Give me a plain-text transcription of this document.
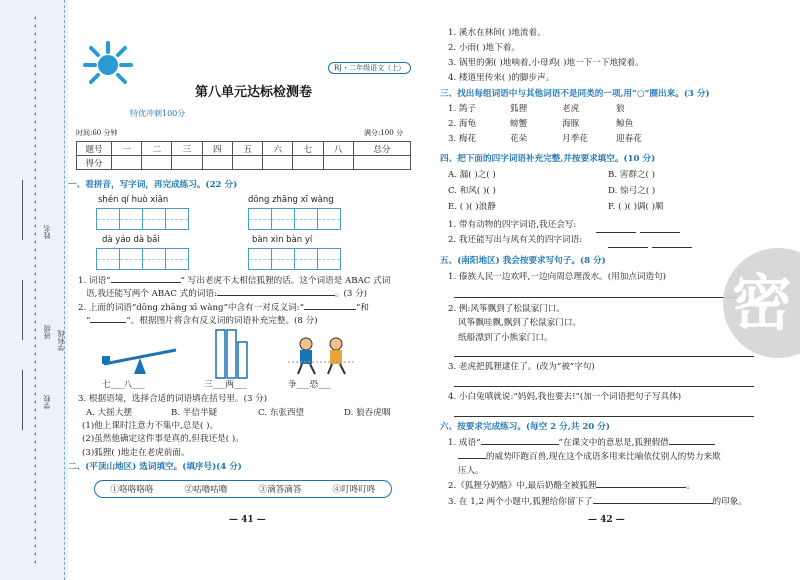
姓名
班级
学校
学科线
第八单元达标检测卷
特优冲刺100分
RJ・二年级语文（上）
时间:60 分钟	满分:100 分
题号	一	二	三	四	五	六	七	八	总分
得分									
一、看拼音，写字词，再完成练习。(22 分)
shén qí huò xiān	dōng zhāng xī wàng
dà yáo dà bǎi	bàn xìn bàn yí
1. 词语“	” 写出老虎不太相信狐狸的话。这个词语是 ABAC 式词
语,我还能写两个 ABAC 式的词语:	。(3 分)
2. 上面的词语“dōng zhāng xī wàng”中含有一对反义词:“	”和
“	”。根据图片将含有反义词的词语补充完整。(8 分)
七___八___	三___两___	争___恐___
3. 根据语境，选择合适的词语填在括号里。(3 分)
A. 大摇大摆	B. 半信半疑	C. 东张西望	D. 狼吞虎咽
(1)他上课时注意力不集中,总是( )。
(2)虽然他确定这件事是真的,但我还是( )。
(3)狐狸( )地走在老虎前面。
二、(平顶山地区) 选词填空。(填序号)(4 分)
①咯咯咯咯	②咕噜咕噜	③滴答滴答	④叮咚叮咚
— 41 —
1. 溪水在林间( )地流着。
2. 小雨( )地下着。
3. 锅里的粥( )地响着,小母鸡( )地一下一下地搅着。
4. 楼道里传来( )的脚步声。
三、找出每组词语中与其他词语不是同类的一项,用“○”圈出来。(3 分)
1. 鸽子	狐狸	老虎	狼
2. 海龟	螃蟹	海豚	鲸鱼
3. 梅花	花朵	月季花	迎春花
四、把下面的四字词语补充完整,并按要求填空。(10 分)
A. 漏( )之( )	B. 害群之( )
C. 和风( )( )	D. 惊弓之( )
E. ( )( )浪静	F. ( )( )调( )顺
1. 带有动物的四字词语,我还会写:
2. 我还能写出与风有关的四字词语:
五、(南阳地区) 我会按要求写句子。(8 分)
1. 傣族人民一边欢呼,一边向周总理泼水。(用加点词造句)
2. 例:风筝飘到了松鼠家门口。
风筝飘哇飘,飘到了松鼠家门口。
纸船漂到了小熊家门口。
3. 老虎把狐狸逮住了。(改为“被”字句)
4. 小白兔嗔就说:“妈妈,我也要去!”(加一个词语把句子写具体)
六、按要求完成练习。(每空 2 分,共 20 分)
1. 成语“	”在课文中的意思是,狐狸假借
的威势吓跑百兽,现在这个成语多用来比喻依仗别人的势力来欺
压人。
2.《狐狸分奶酪》中,最后奶酪全被狐狸	。
3. 在 1,2 两个小题中,狐狸给你留下了	的印象。
— 42 —
密
